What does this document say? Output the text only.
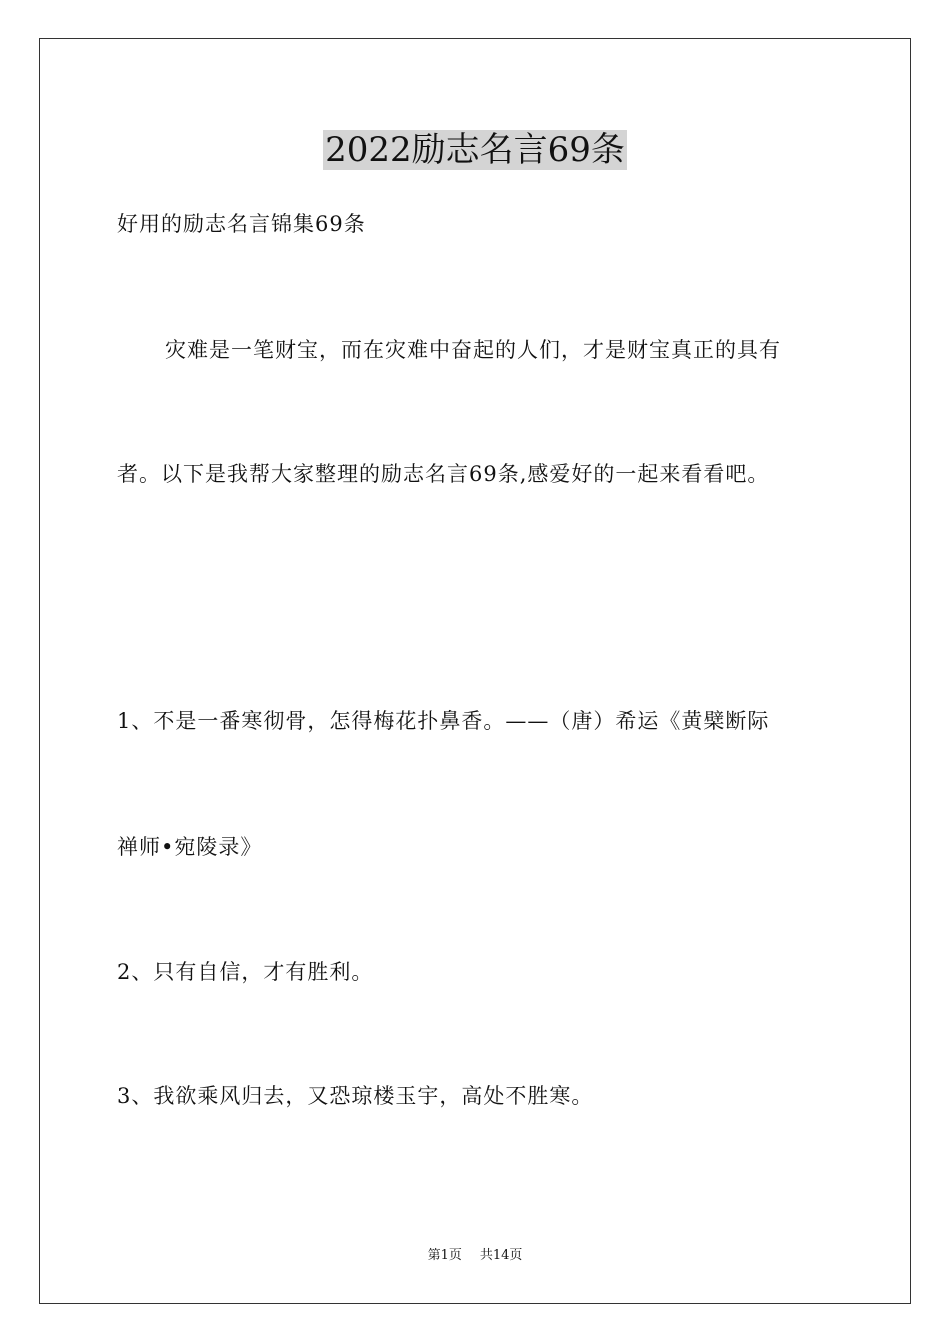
2022励志名言69条

好用的励志名言锦集69条

灾难是一笔财宝，而在灾难中奋起的人们，才是财宝真正的具有

者。以下是我帮大家整理的励志名言69条,感爱好的一起来看看吧。

1、不是一番寒彻骨，怎得梅花扑鼻香。——（唐）希运《黄檗断际

禅师•宛陵录》

2、只有自信，才有胜利。

3、我欲乘风归去，又恐琼楼玉宇，高处不胜寒。

第1页 共14页
